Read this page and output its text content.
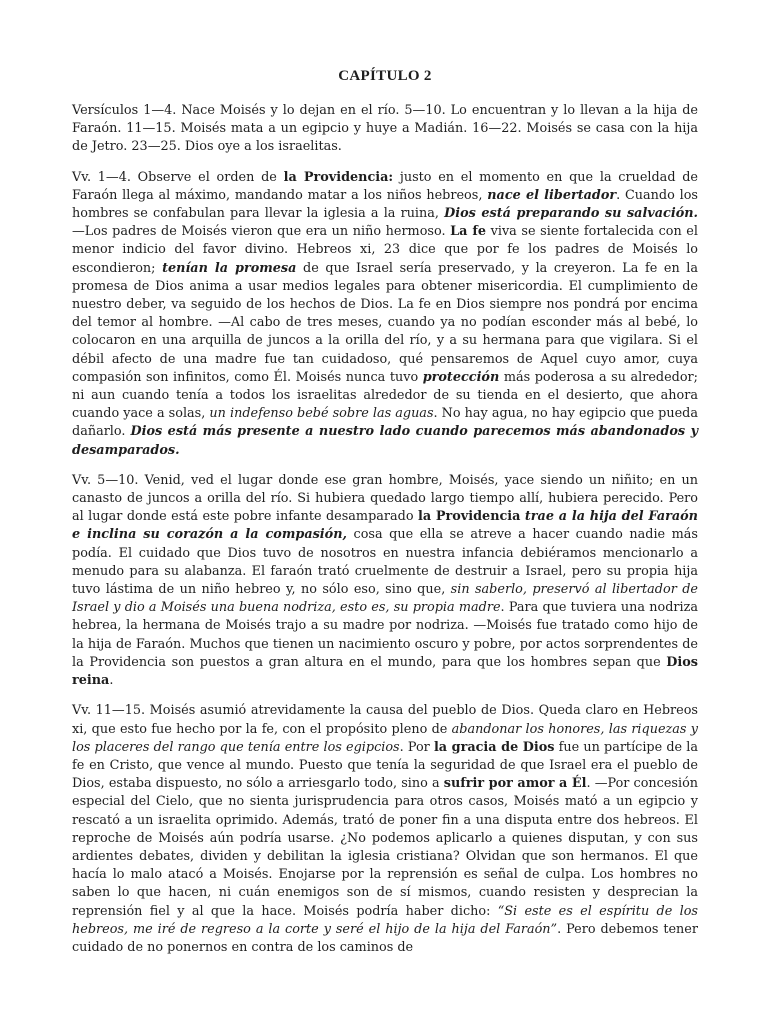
CAPÍTULO 2

Versículos 1—4. Nace Moisés y lo dejan en el río. 5—10. Lo encuentran y lo llevan a la hija de Faraón. 11—15. Moisés mata a un egipcio y huye a Madián. 16—22. Moisés se casa con la hija de Jetro. 23—25. Dios oye a los israelitas.

Vv. 1—4. Observe el orden de la Providencia: justo en el momento en que la crueldad de Faraón llega al máximo, mandando matar a los niños hebreos, nace el libertador. Cuando los hombres se confabulan para llevar la iglesia a la ruina, Dios está preparando su salvación. —Los padres de Moisés vieron que era un niño hermoso. La fe viva se siente fortalecida con el menor indicio del favor divino. Hebreos xi, 23 dice que por fe los padres de Moisés lo escondieron; tenían la promesa de que Israel sería preservado, y la creyeron. La fe en la promesa de Dios anima a usar medios legales para obtener misericordia. El cumplimiento de nuestro deber, va seguido de los hechos de Dios. La fe en Dios siempre nos pondrá por encima del temor al hombre. —Al cabo de tres meses, cuando ya no podían esconder más al bebé, lo colocaron en una arquilla de juncos a la orilla del río, y a su hermana para que vigilara. Si el débil afecto de una madre fue tan cuidadoso, qué pensaremos de Aquel cuyo amor, cuya compasión son infinitos, como Él. Moisés nunca tuvo protección más poderosa a su alrededor; ni aun cuando tenía a todos los israelitas alrededor de su tienda en el desierto, que ahora cuando yace a solas, un indefenso bebé sobre las aguas. No hay agua, no hay egipcio que pueda dañarlo. Dios está más presente a nuestro lado cuando parecemos más abandonados y desamparados.

Vv. 5—10. Venid, ved el lugar donde ese gran hombre, Moisés, yace siendo un niñito; en un canasto de juncos a orilla del río. Si hubiera quedado largo tiempo allí, hubiera perecido. Pero al lugar donde está este pobre infante desamparado la Providencia trae a la hija del Faraón e inclina su corazón a la compasión, cosa que ella se atreve a hacer cuando nadie más podía. El cuidado que Dios tuvo de nosotros en nuestra infancia debiéramos mencionarlo a menudo para su alabanza. El faraón trató cruelmente de destruir a Israel, pero su propia hija tuvo lástima de un niño hebreo y, no sólo eso, sino que, sin saberlo, preservó al libertador de Israel y dio a Moisés una buena nodriza, esto es, su propia madre. Para que tuviera una nodriza hebrea, la hermana de Moisés trajo a su madre por nodriza. —Moisés fue tratado como hijo de la hija de Faraón. Muchos que tienen un nacimiento oscuro y pobre, por actos sorprendentes de la Providencia son puestos a gran altura en el mundo, para que los hombres sepan que Dios reina.

Vv. 11—15. Moisés asumió atrevidamente la causa del pueblo de Dios. Queda claro en Hebreos xi, que esto fue hecho por la fe, con el propósito pleno de abandonar los honores, las riquezas y los placeres del rango que tenía entre los egipcios. Por la gracia de Dios fue un partícipe de la fe en Cristo, que vence al mundo. Puesto que tenía la seguridad de que Israel era el pueblo de Dios, estaba dispuesto, no sólo a arriesgarlo todo, sino a sufrir por amor a Él. —Por concesión especial del Cielo, que no sienta jurisprudencia para otros casos, Moisés mató a un egipcio y rescató a un israelita oprimido. Además, trató de poner fin a una disputa entre dos hebreos. El reproche de Moisés aún podría usarse. ¿No podemos aplicarlo a quienes disputan, y con sus ardientes debates, dividen y debilitan la iglesia cristiana? Olvidan que son hermanos. El que hacía lo malo atacó a Moisés. Enojarse por la reprensión es señal de culpa. Los hombres no saben lo que hacen, ni cuán enemigos son de sí mismos, cuando resisten y desprecian la reprensión fiel y al que la hace. Moisés podría haber dicho: “Si este es el espíritu de los hebreos, me iré de regreso a la corte y seré el hijo de la hija del Faraón”. Pero debemos tener cuidado de no ponernos en contra de los caminos de
